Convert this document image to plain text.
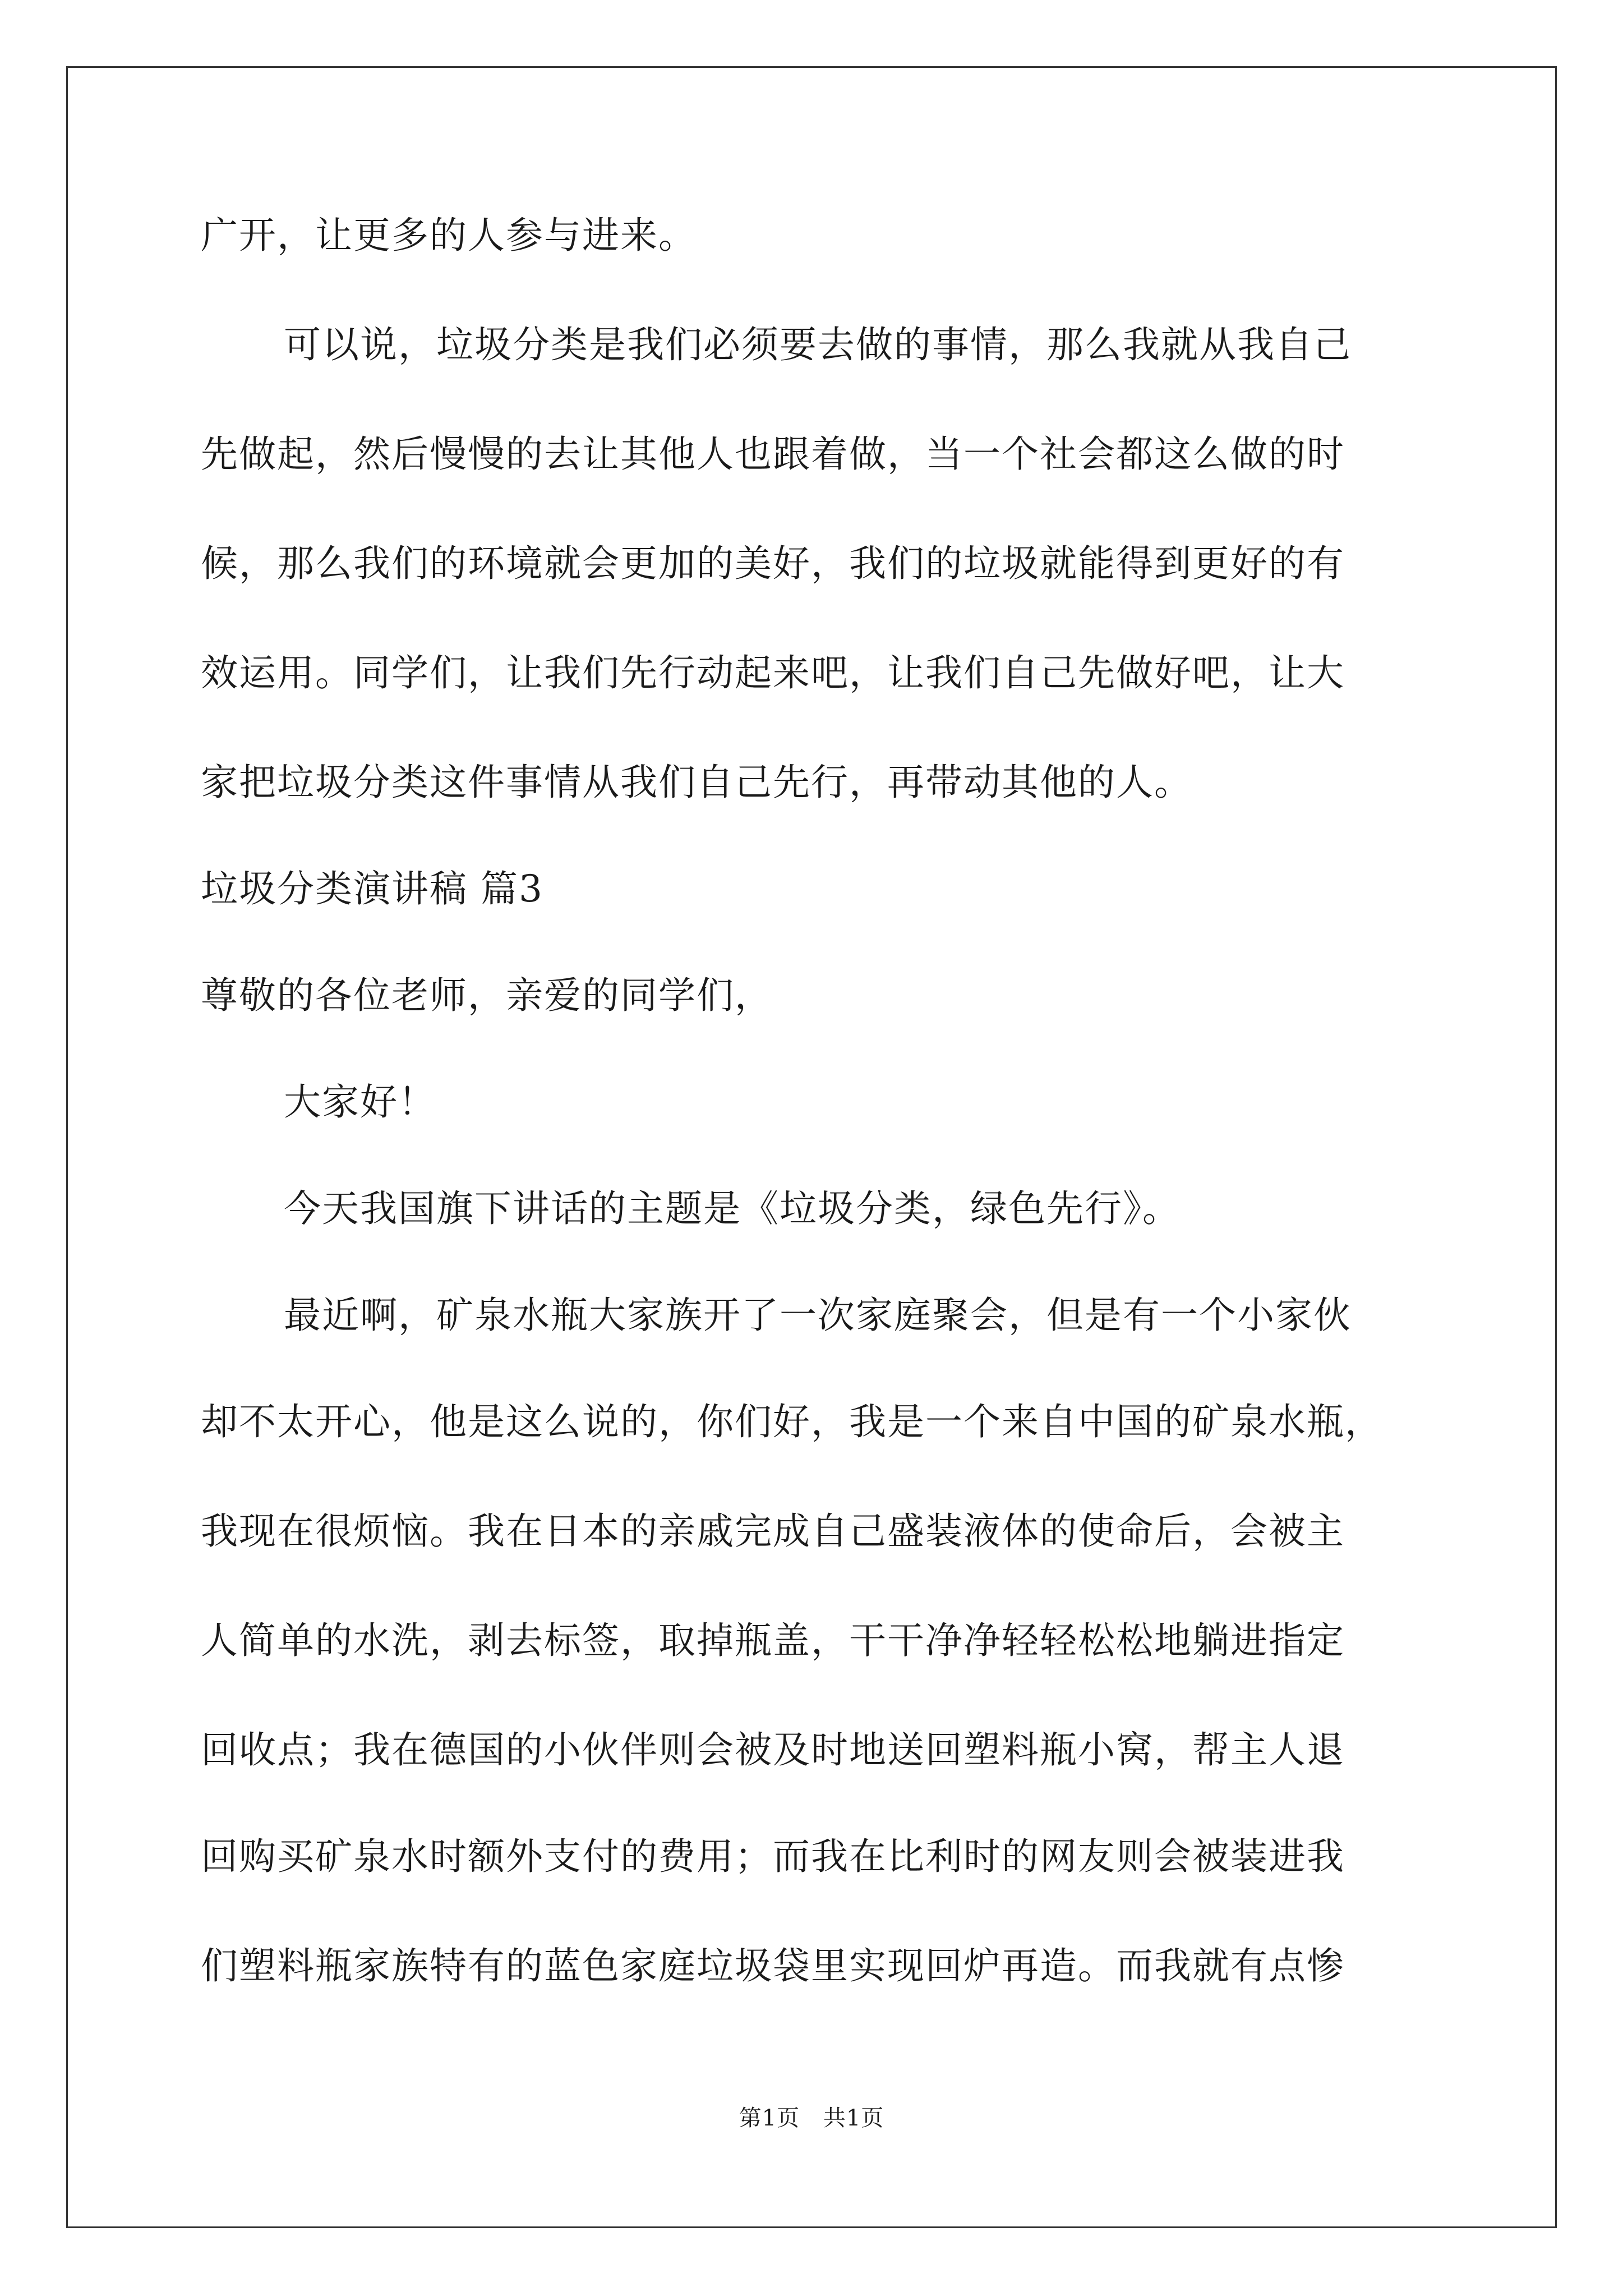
广开，让更多的人参与进来。
可以说，垃圾分类是我们必须要去做的事情，那么我就从我自己
先做起，然后慢慢的去让其他人也跟着做，当一个社会都这么做的时
候，那么我们的环境就会更加的美好，我们的垃圾就能得到更好的有
效运用。同学们，让我们先行动起来吧，让我们自己先做好吧，让大
家把垃圾分类这件事情从我们自己先行，再带动其他的人。
垃圾分类演讲稿 篇3
尊敬的各位老师，亲爱的同学们，
大家好！
今天我国旗下讲话的主题是《垃圾分类，绿色先行》。
最近啊，矿泉水瓶大家族开了一次家庭聚会，但是有一个小家伙
却不太开心，他是这么说的，你们好，我是一个来自中国的矿泉水瓶，
我现在很烦恼。我在日本的亲戚完成自己盛装液体的使命后，会被主
人简单的水洗，剥去标签，取掉瓶盖，干干净净轻轻松松地躺进指定
回收点；我在德国的小伙伴则会被及时地送回塑料瓶小窝，帮主人退
回购买矿泉水时额外支付的费用；而我在比利时的网友则会被装进我
们塑料瓶家族特有的蓝色家庭垃圾袋里实现回炉再造。而我就有点惨
第1页 共1页
